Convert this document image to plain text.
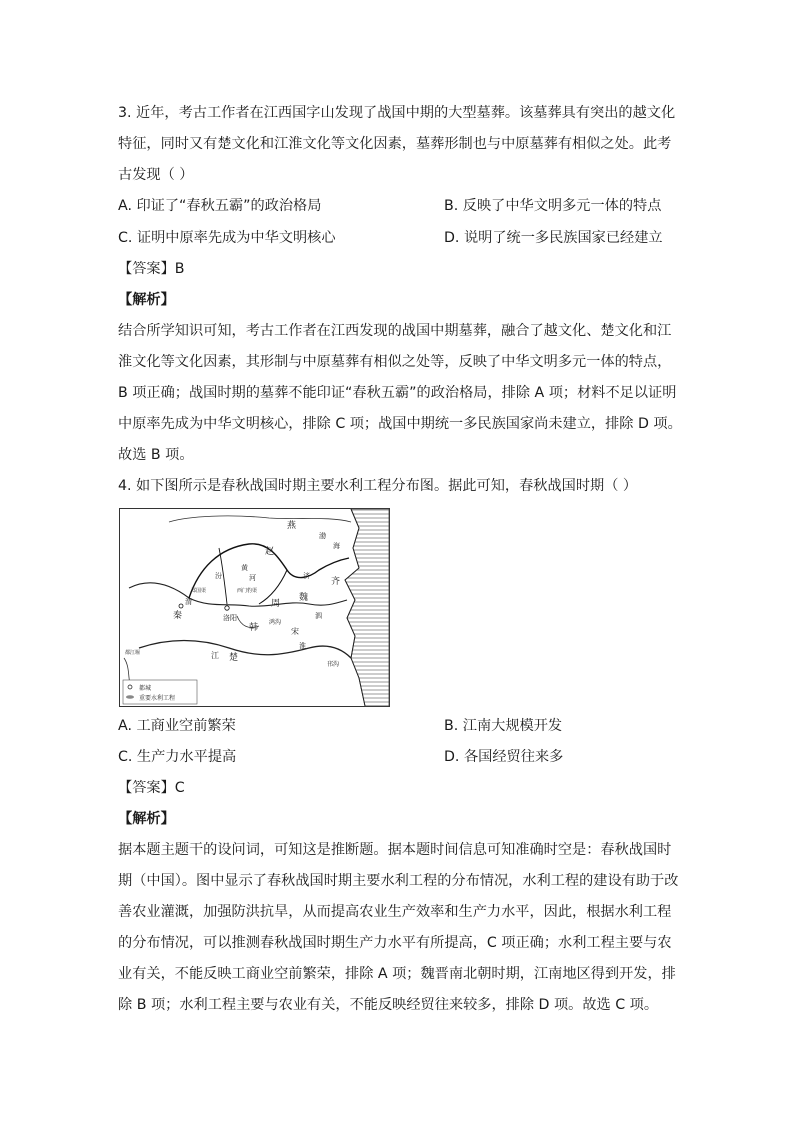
3. 近年，考古工作者在江西国字山发现了战国中期的大型墓葬。该墓葬具有突出的越文化
特征，同时又有楚文化和江淮文化等文化因素，墓葬形制也与中原墓葬有相似之处。此考
古发现（ ）
A. 印证了“春秋五霸”的政治格局	B. 反映了中华文明多元一体的特点
C. 证明中原率先成为中华文明核心	D. 说明了统一多民族国家已经建立
【答案】B
【解析】
结合所学知识可知，考古工作者在江西发现的战国中期墓葬，融合了越文化、楚文化和江
淮文化等文化因素，其形制与中原墓葬有相似之处等，反映了中华文明多元一体的特点，
B 项正确；战国时期的墓葬不能印证“春秋五霸”的政治格局，排除 A 项；材料不足以证明
中原率先成为中华文明核心，排除 C 项；战国中期统一多民族国家尚未建立，排除 D 项。
故选 B 项。
4. 如下图所示是春秋战国时期主要水利工程分布图。据此可知，春秋战国时期（ ）
都城
重要水利工程
燕
赵
齐
渤
海
魏
周
秦	洛阳
韩	宋
楚
黄
河
江
渭
汾
淮
西门豹渠
郑国渠
都江堰
邗沟
鸿沟
济
泗
A. 工商业空前繁荣	B. 江南大规模开发
C. 生产力水平提高	D. 各国经贸往来多
【答案】C
【解析】
据本题主题干的设问词，可知这是推断题。据本题时间信息可知准确时空是：春秋战国时
期（中国）。图中显示了春秋战国时期主要水利工程的分布情况，水利工程的建设有助于改
善农业灌溉，加强防洪抗旱，从而提高农业生产效率和生产力水平，因此，根据水利工程
的分布情况，可以推测春秋战国时期生产力水平有所提高，C 项正确；水利工程主要与农
业有关，不能反映工商业空前繁荣，排除 A 项；魏晋南北朝时期，江南地区得到开发，排
除 B 项；水利工程主要与农业有关，不能反映经贸往来较多，排除 D 项。故选 C 项。
